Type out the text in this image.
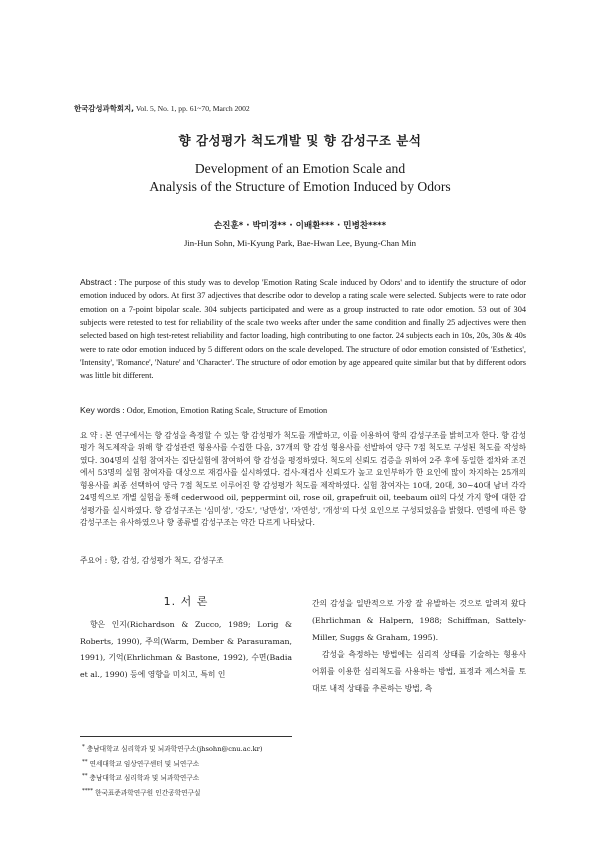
한국감성과학회지, Vol. 5, No. 1, pp. 61~70, March 2002
향 감성평가 척도개발 및 향 감성구조 분석
Development of an Emotion Scale and
Analysis of the Structure of Emotion Induced by Odors
손진훈* · 박미경** · 이배환*** · 민병찬****
Jin-Hun Sohn, Mi-Kyung Park, Bae-Hwan Lee, Byung-Chan Min
Abstract : The purpose of this study was to develop 'Emotion Rating Scale induced by Odors' and to identify the structure of odor emotion induced by odors. At first 37 adjectives that describe odor to develop a rating scale were selected. Subjects were to rate odor emotion on a 7-point bipolar scale. 304 subjects participated and were as a group instructed to rate odor emotion. 53 out of 304 subjects were retested to test for reliability of the scale two weeks after under the same condition and finally 25 adjectives were then selected based on high test-retest reliability and factor loading, high contributing to one factor. 24 subjects each in 10s, 20s, 30s & 40s were to rate odor emotion induced by 5 different odors on the scale developed. The structure of odor emotion consisted of 'Esthetics', 'Intensity', 'Romance', 'Nature' and 'Character'. The structure of odor emotion by age appeared quite similar but that by different odors was little bit different.
Key words : Odor, Emotion, Emotion Rating Scale, Structure of Emotion
요 약 : 본 연구에서는 향 감성을 측정할 수 있는 향 감성평가 척도를 개발하고, 이를 이용하여 향의 감성구조를 밝히고자 한다. 향 감성평가 척도제작을 위해 향 감성관련 형용사를 수집한 다음, 37개의 향 감성 형용사를 선발하여 양극 7점 척도로 구성된 척도를 작성하였다. 304명의 실험 참여자는 집단실험에 참여하여 향 감성을 평정하였다. 척도의 신뢰도 검증을 위하여 2주 후에 동일한 절차와 조건에서 53명의 실험 참여자를 대상으로 재검사를 실시하였다. 검사-재검사 신뢰도가 높고 요인부하가 한 요인에 많이 차지하는 25개의 형용사를 최종 선택하여 양극 7점 척도로 이루어진 향 감성평가 척도를 제작하였다. 실험 참여자는 10대, 20대, 30~40대 남녀 각각 24명씩으로 개별 실험을 통해 cederwood oil, peppermint oil, rose oil, grapefruit oil, teebaum oil의 다섯 가지 향에 대한 감성평가를 실시하였다. 향 감성구조는 '심미성', '강도', '낭만성', '자연성', '개성'의 다섯 요인으로 구성되었음을 밝혔다. 연령에 따른 향 감성구조는 유사하였으나 향 종류별 감성구조는 약간 다르게 나타났다.
주요어 : 향, 감성, 감성평가 척도, 감성구조
1. 서 론

향은 인지(Richardson & Zucco, 1989; Lorig & Roberts, 1990), 주의(Warm, Dember & Parasuraman, 1991), 기억(Ehrlichman & Bastone, 1992), 수면(Badia et al., 1990) 등에 영향을 미치고, 특히 인

간의 감성을 일반적으로 가장 잘 유발하는 것으로 알려져 왔다(Ehrlichman & Halpern, 1988; Schiffman, Sattely-Miller, Suggs & Graham, 1995).

감성을 측정하는 방법에는 심리적 상태를 기술하는 형용사 어휘를 이용한 심리척도를 사용하는 방법, 표정과 제스처를 토대로 내적 상태를 추론하는 방법, 측

* 충남대학교 심리학과 및 뇌과학연구소(jhsohn@cnu.ac.kr)
** 연세대학교 임상연구센터 및 뇌연구소
** 충남대학교 심리학과 및 뇌과학연구소
**** 한국표준과학연구원 인간공학연구실
